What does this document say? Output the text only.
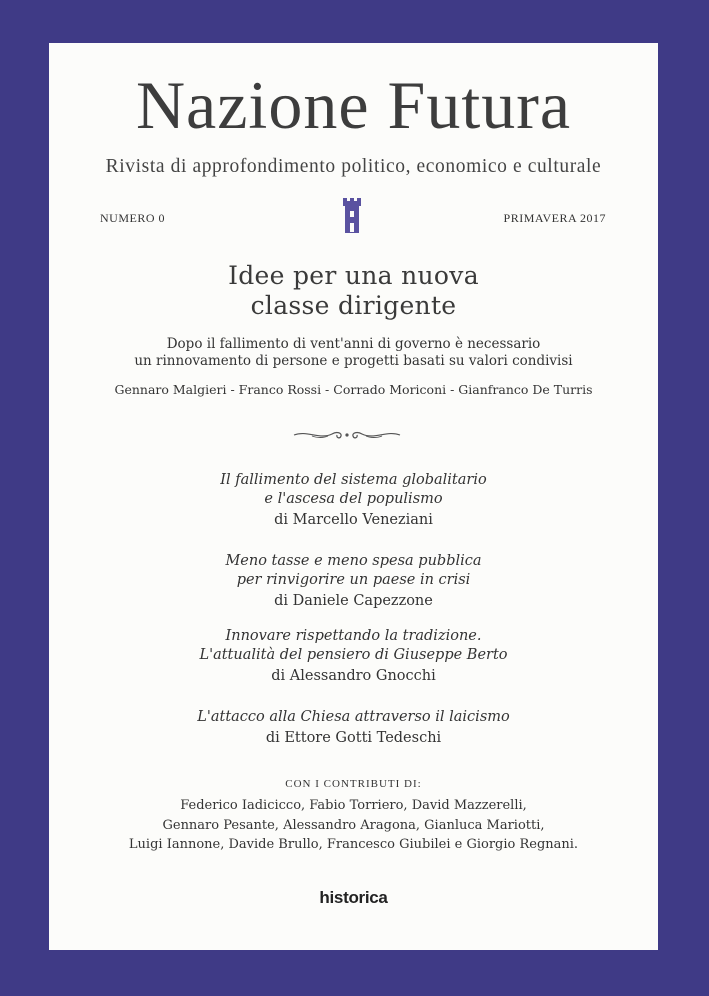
Nazione Futura
Rivista di approfondimento politico, economico e culturale
NUMERO 0	PRIMAVERA 2017
Idee per una nuova
classe dirigente
Dopo il fallimento di vent'anni di governo è necessario
un rinnovamento di persone e progetti basati su valori condivisi
Gennaro Malgieri - Franco Rossi - Corrado Moriconi - Gianfranco De Turris
Il fallimento del sistema globalitario
e l'ascesa del populismo
di Marcello Veneziani
Meno tasse e meno spesa pubblica
per rinvigorire un paese in crisi
di Daniele Capezzone
Innovare rispettando la tradizione.
L'attualità del pensiero di Giuseppe Berto
di Alessandro Gnocchi
L'attacco alla Chiesa attraverso il laicismo
di Ettore Gotti Tedeschi
CON I CONTRIBUTI DI:
Federico Iadicicco, Fabio Torriero, David Mazzerelli,
Gennaro Pesante, Alessandro Aragona, Gianluca Mariotti,
Luigi Iannone, Davide Brullo, Francesco Giubilei e Giorgio Regnani.
historica
